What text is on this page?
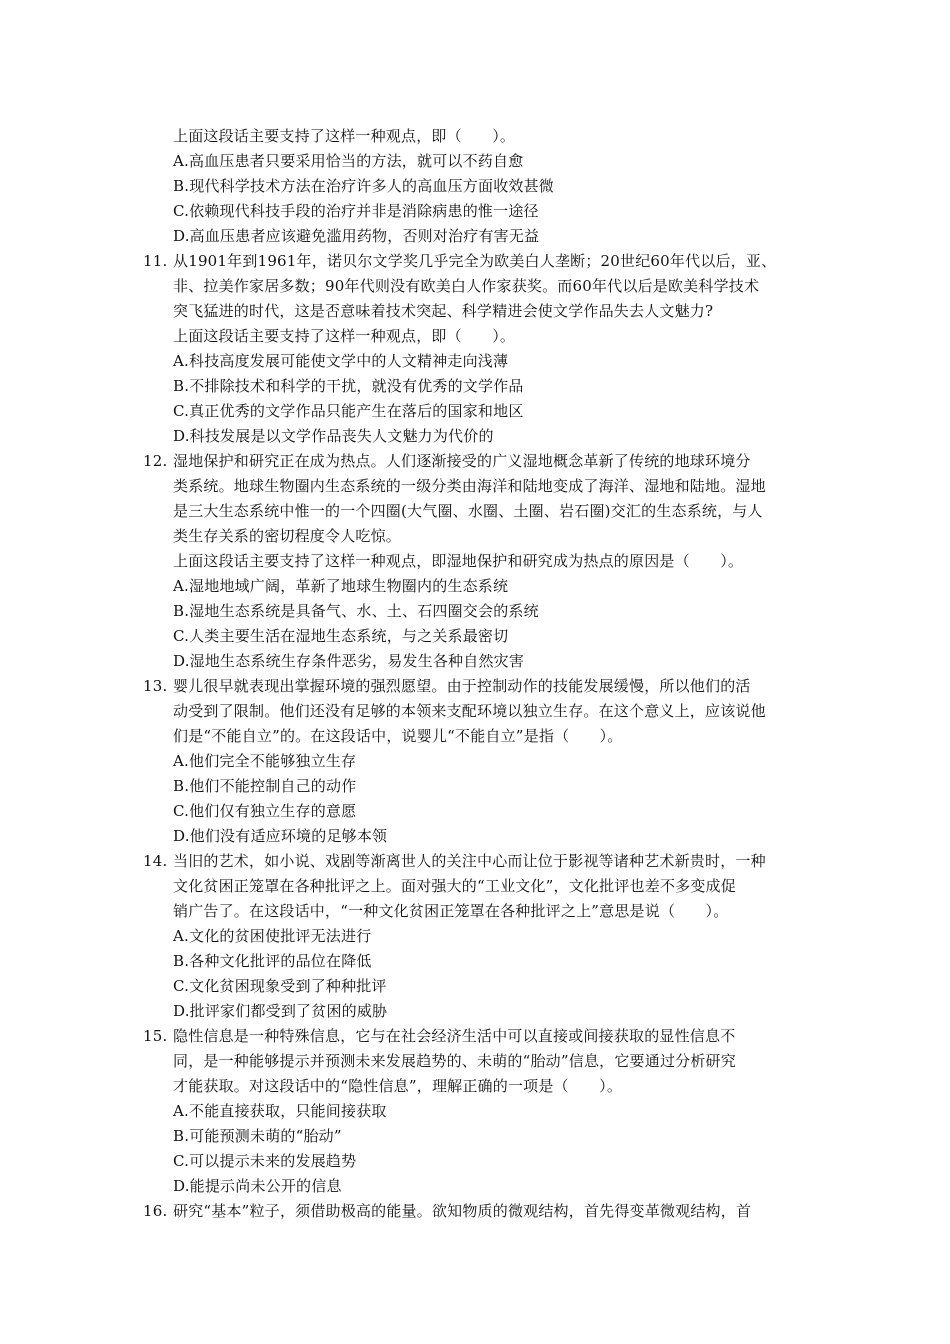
上面这段话主要支持了这样一种观点，即（　　）。
A.高血压患者只要采用恰当的方法，就可以不药自愈
B.现代科学技术方法在治疗许多人的高血压方面收效甚微
C.依赖现代科技手段的治疗并非是消除病患的惟一途径
D.高血压患者应该避免滥用药物，否则对治疗有害无益
11. 从1901年到1961年，诺贝尔文学奖几乎完全为欧美白人垄断；20世纪60年代以后，亚、
非、拉美作家居多数；90年代则没有欧美白人作家获奖。而60年代以后是欧美科学技术
突飞猛进的时代，这是否意味着技术突起、科学精进会使文学作品失去人文魅力?
上面这段话主要支持了这样一种观点，即（　　）。
A.科技高度发展可能使文学中的人文精神走向浅薄
B.不排除技术和科学的干扰，就没有优秀的文学作品
C.真正优秀的文学作品只能产生在落后的国家和地区
D.科技发展是以文学作品丧失人文魅力为代价的
12. 湿地保护和研究正在成为热点。人们逐渐接受的广义湿地概念革新了传统的地球环境分
类系统。地球生物圈内生态系统的一级分类由海洋和陆地变成了海洋、湿地和陆地。湿地
是三大生态系统中惟一的一个四圈(大气圈、水圈、土圈、岩石圈)交汇的生态系统，与人
类生存关系的密切程度令人吃惊。
上面这段话主要支持了这样一种观点，即湿地保护和研究成为热点的原因是（　　）。
A.湿地地域广阔，革新了地球生物圈内的生态系统
B.湿地生态系统是具备气、水、土、石四圈交会的系统
C.人类主要生活在湿地生态系统，与之关系最密切
D.湿地生态系统生存条件恶劣，易发生各种自然灾害
13. 婴儿很早就表现出掌握环境的强烈愿望。由于控制动作的技能发展缓慢，所以他们的活
动受到了限制。他们还没有足够的本领来支配环境以独立生存。在这个意义上，应该说他
们是“不能自立”的。在这段话中，说婴儿“不能自立”是指（　　）。
A.他们完全不能够独立生存
B.他们不能控制自己的动作
C.他们仅有独立生存的意愿
D.他们没有适应环境的足够本领
14. 当旧的艺术，如小说、戏剧等渐离世人的关注中心而让位于影视等诸种艺术新贵时，一种
文化贫困正笼罩在各种批评之上。面对强大的“工业文化”，文化批评也差不多变成促
销广告了。在这段话中，“一种文化贫困正笼罩在各种批评之上”意思是说（　　）。
A.文化的贫困使批评无法进行
B.各种文化批评的品位在降低
C.文化贫困现象受到了种种批评
D.批评家们都受到了贫困的威胁
15. 隐性信息是一种特殊信息，它与在社会经济生活中可以直接或间接获取的显性信息不
同，是一种能够提示并预测未来发展趋势的、未萌的“胎动”信息，它要通过分析研究
才能获取。对这段话中的“隐性信息”，理解正确的一项是（　　）。
A.不能直接获取，只能间接获取
B.可能预测未萌的“胎动”
C.可以提示未来的发展趋势
D.能提示尚未公开的信息
16. 研究“基本”粒子，须借助极高的能量。欲知物质的微观结构，首先得变革微观结构，首
